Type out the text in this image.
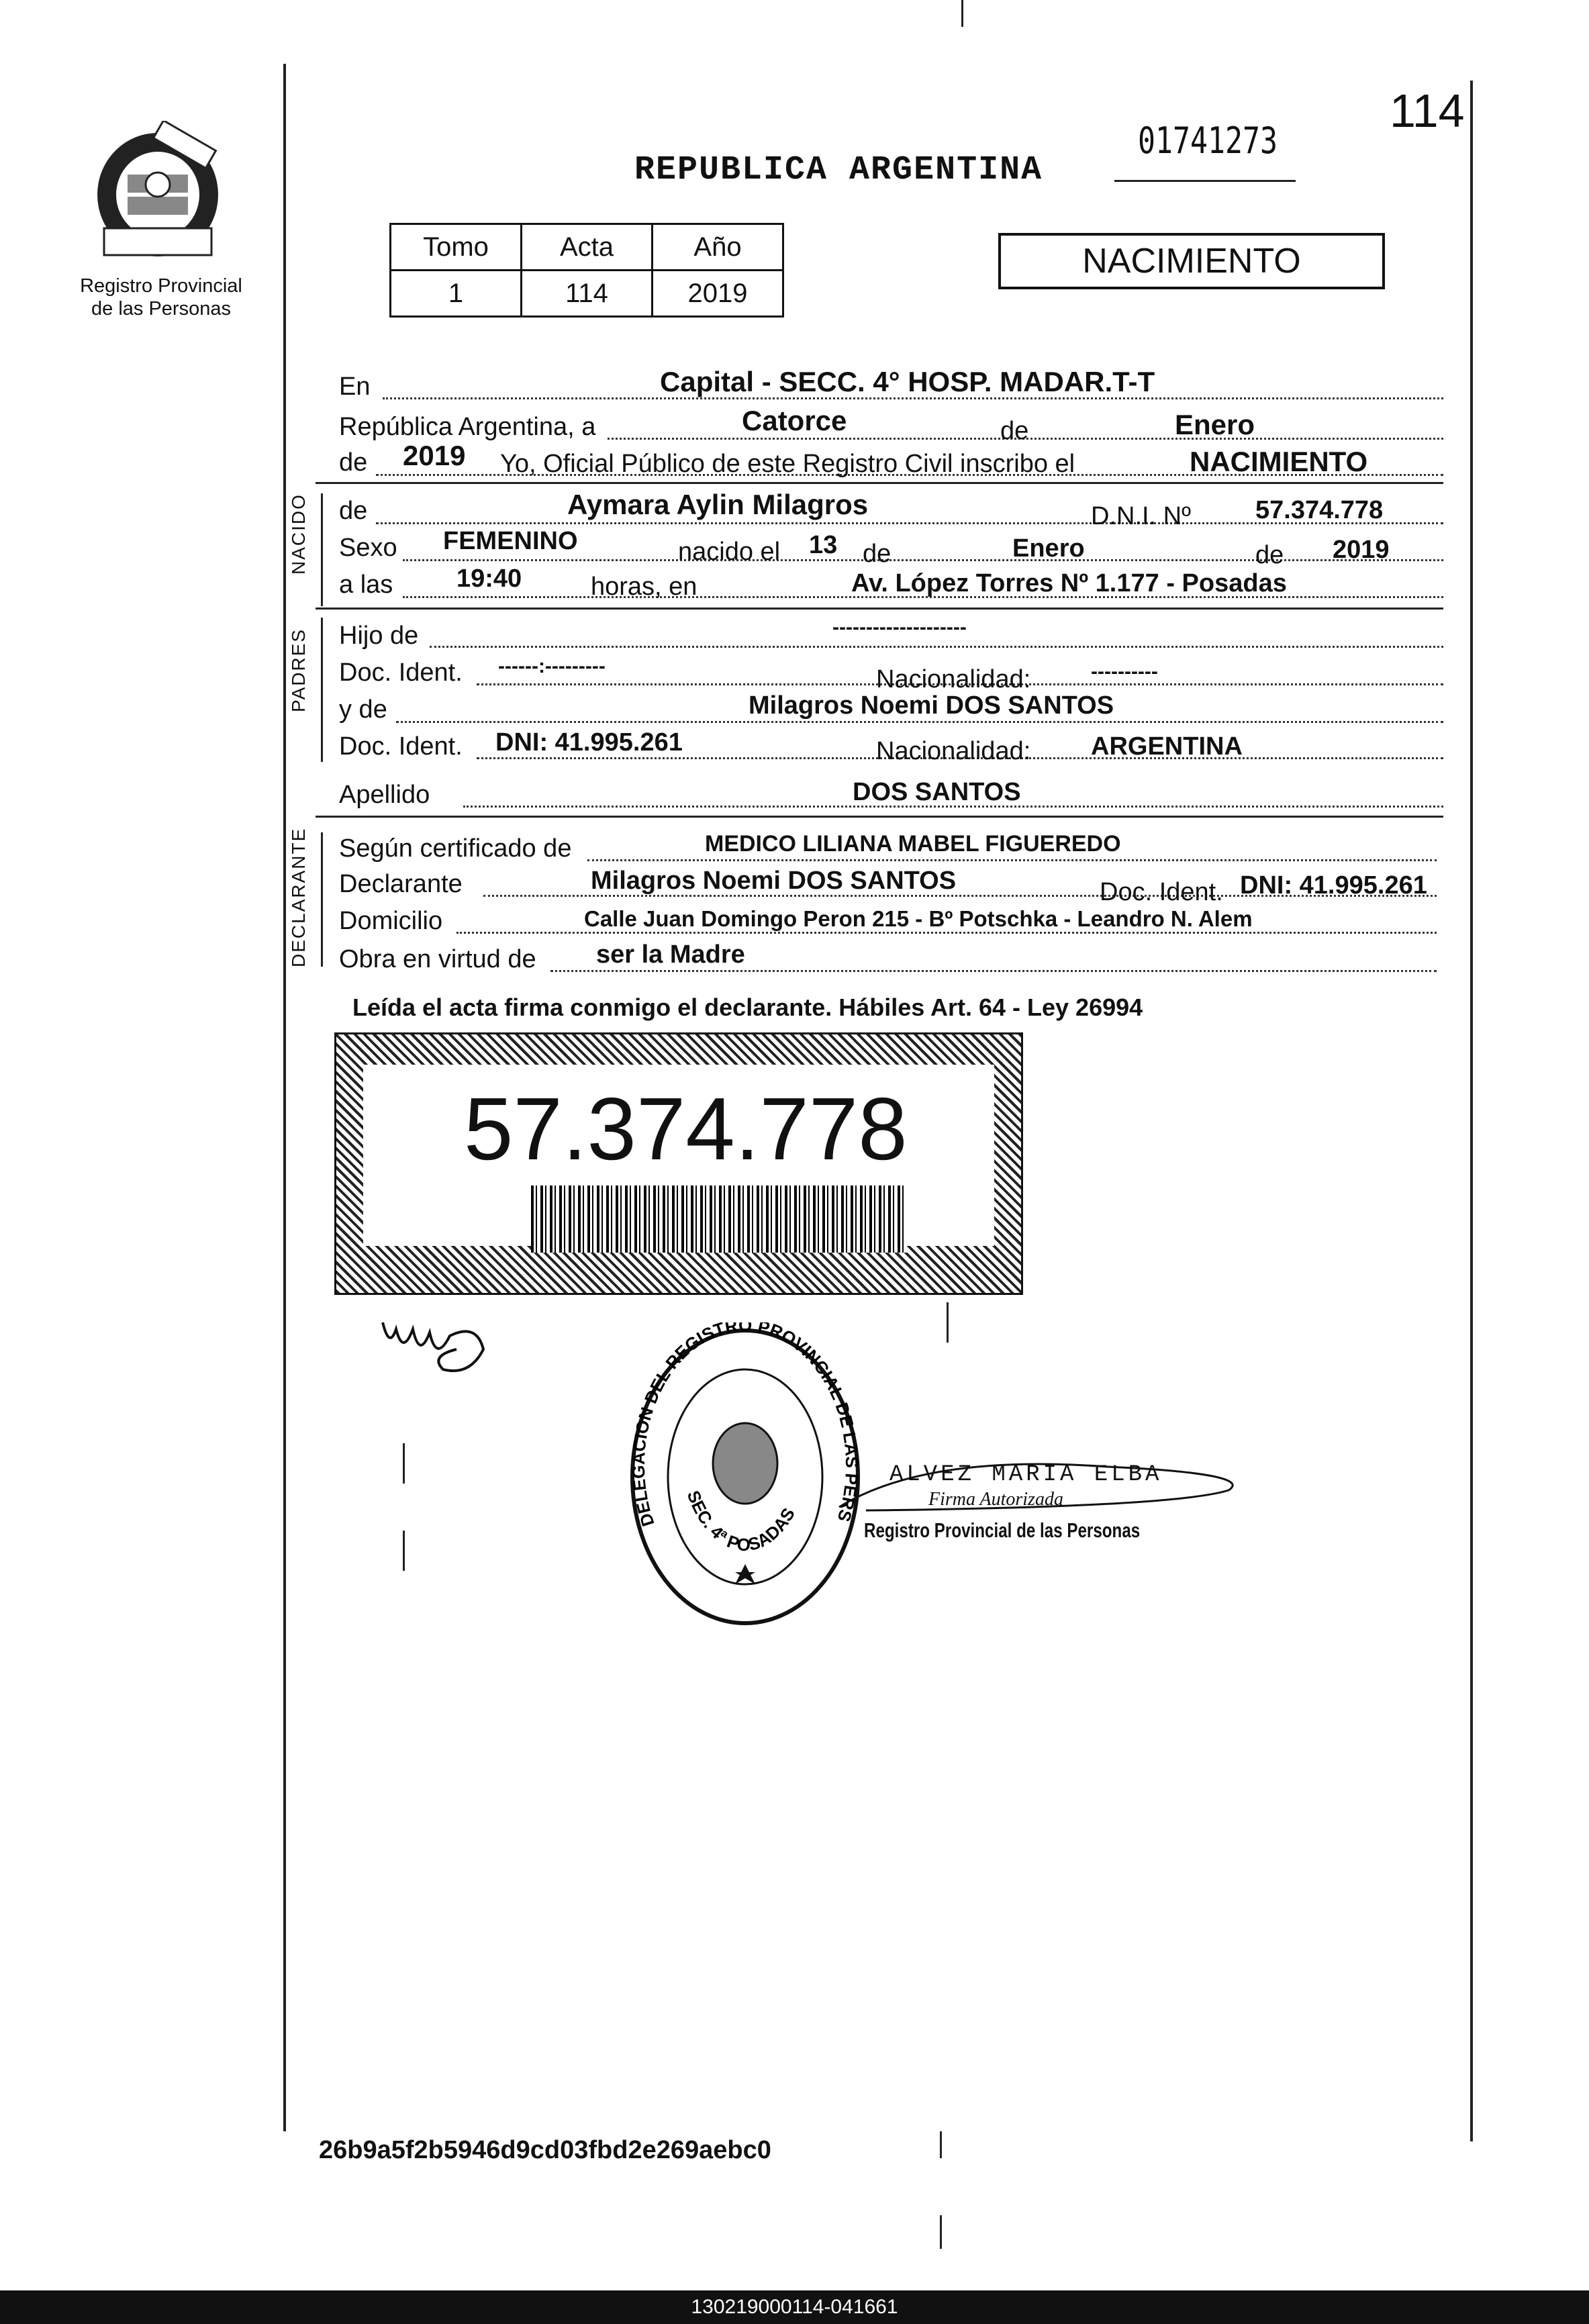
Registro Provincial
de las Personas
114
01741273
REPUBLICA ARGENTINA
NACIMIENTO
Tomo	Acta	Año
1	114	2019
En	Capital - SECC. 4° HOSP. MADAR.T-T
República Argentina, a	Catorce	de	Enero
de 2019 Yo, Oficial Público de este Registro Civil inscribo el	NACIMIENTO
NACIDO de	Aymara Aylin Milagros	D.N.I. Nº	57.374.778
Sexo FEMENINO	nacido el 13 de	Enero	de 2019
a las 19:40	horas, en	Av. López Torres Nº 1.177 - Posadas
PADRES Hijo de	--------------------
Doc. Ident. ------:---------	Nacionalidad:	----------
y de	Milagros Noemi DOS SANTOS
Doc. Ident. DNI: 41.995.261	Nacionalidad: ARGENTINA
Apellido	DOS SANTOS
DECLARANTE Según certificado de	MEDICO LILIANA MABEL FIGUEREDO
Declarante	Milagros Noemi DOS SANTOS	Doc. Ident. DNI: 41.995.261
Domicilio	Calle Juan Domingo Peron 215 - Bº Potschka - Leandro N. Alem
Obra en virtud de ser la Madre
Leída el acta firma conmigo el declarante. Hábiles Art. 64 - Ley 26994
57.374.778
DELEGACION DEL REGISTRO PROVINCIAL DE LAS PERS
SEC. 4ª POSADAS
ALVEZ MARIA ELBA
Firma Autorizada
Registro Provincial de las Personas
26b9a5f2b5946d9cd03fbd2e269aebc0
130219000114-041661
